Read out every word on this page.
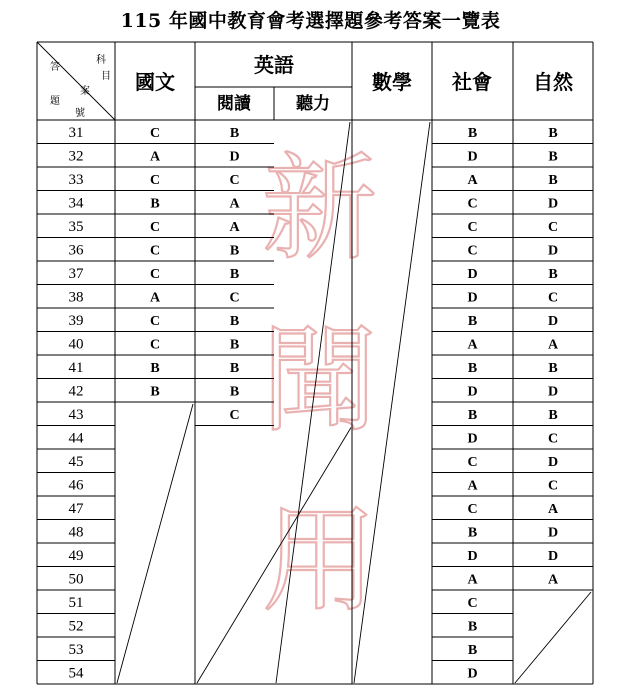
115 年國中教育會考選擇題參考答案一覽表
新
聞
用
科
目
答
案
題
號
國文
英語
閱讀	聽力
數學 社會 自然
31
32
33
34
35
36
37
38
39
40
41
42
43
44
45
46
47
48
49
50
51
52
53
54
C
A
C
B
C
C
C
A
C
C
B
B
B
D
C
A
A
B
B
C
B
B
B
B
C
B
D
A
C
C
C
D
D
B
A
B
D
B
D
C
A
C
B
D
A
C
B
B
D
B
B
B
D
C
D
B
C
D
A
B
D
B
C
D
C
A
D
D
A
